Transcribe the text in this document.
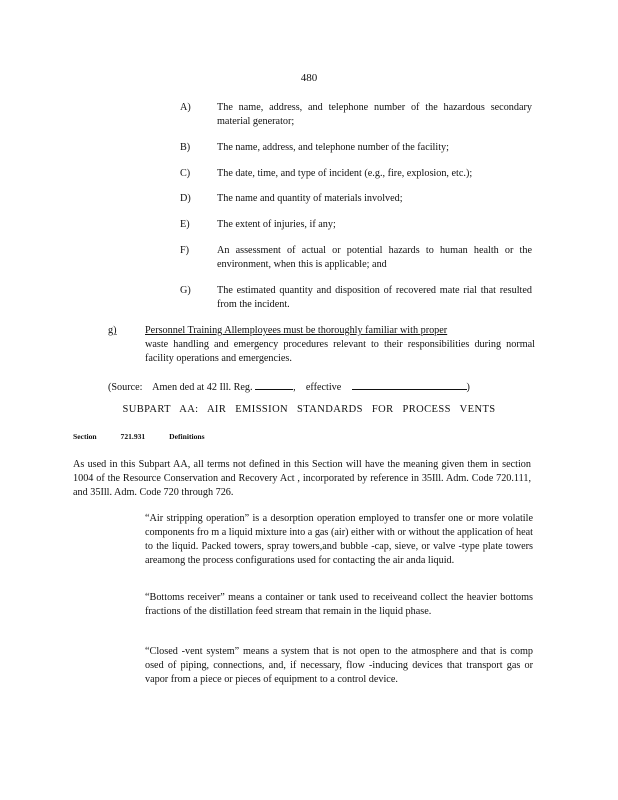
480
A)	The name, address, and telephone number of the hazardous secondary material generator;
B)	The name, address, and telephone number of the facility;
C)	The date, time, and type of incident (e.g., fire, explosion, etc.);
D)	The name and quantity of materials involved;
E)	The extent of injuries, if any;
F)	An assessment of actual or potential hazards to human health or the environment, when this is applicable; and
G)	The estimated quantity and disposition of recovered mate rial that resulted from the incident.
g)	Personnel Training Allemployees must be thoroughly familiar with proper
waste handling and emergency procedures relevant to their responsibilities during normal facility operations and emergencies.
(Source: Amen ded at 42 Ill. Reg.	, effective	)
SUBPART AA: AIR EMISSION STANDARDS FOR PROCESS VENTS
Section	721.931	Definitions
As used in this Subpart AA, all terms not defined in this Section will have the meaning given them in section 1004 of the Resource Conservation and Recovery Act , incorporated by reference in 35Ill. Adm. Code 720.111, and 35Ill. Adm. Code 720 through 726.
“Air stripping operation” is a desorption operation employed to transfer one or more volatile components fro m a liquid mixture into a gas (air) either with or without the application of heat to the liquid. Packed towers, spray towers,and bubble -cap, sieve, or valve -type plate towers areamong the process configurations used for contacting the air anda liquid.
“Bottoms receiver” means a container or tank used to receiveand collect the heavier bottoms fractions of the distillation feed stream that remain in the liquid phase.
“Closed -vent system” means a system that is not open to the atmosphere and that is comp osed of piping, connections, and, if necessary, flow -inducing devices that transport gas or vapor from a piece or pieces of equipment to a control device.
